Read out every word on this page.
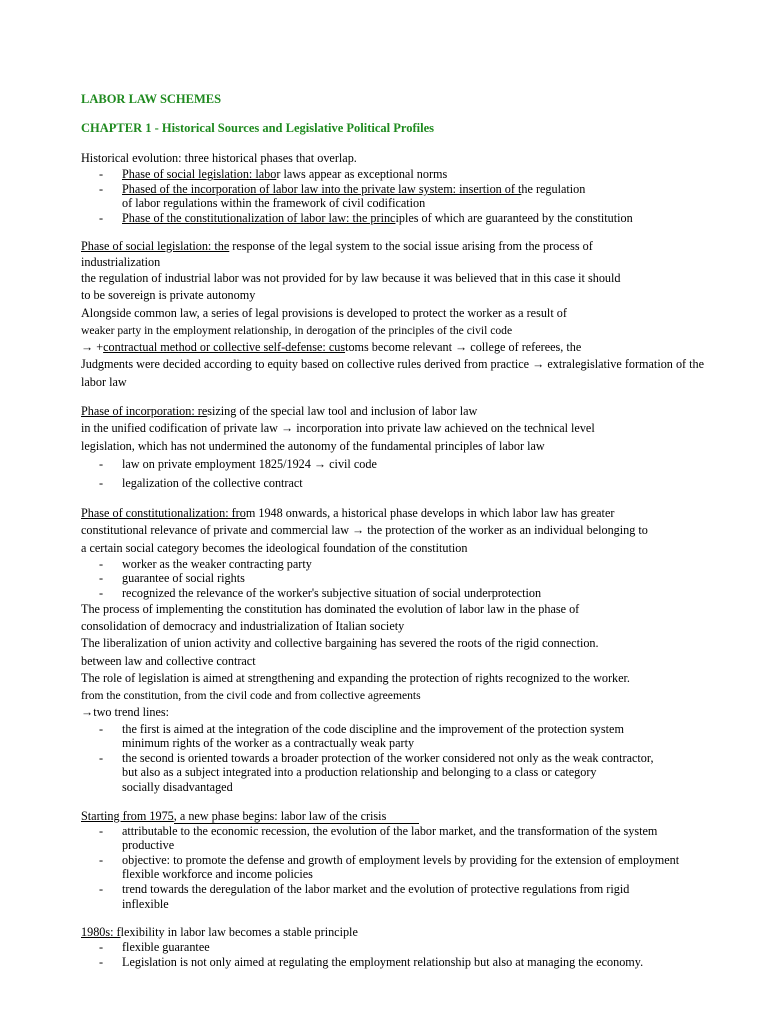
LABOR LAW SCHEMES
CHAPTER 1 - Historical Sources and Legislative Political Profiles
Historical evolution: three historical phases that overlap.
-	Phase of social legislation: labor laws appear as exceptional norms
-	Phased of the incorporation of labor law into the private law system: insertion of the regulation
of labor regulations within the framework of civil codification
-	Phase of the constitutionalization of labor law: the principles of which are guaranteed by the constitution
Phase of social legislation: the response of the legal system to the social issue arising from the process of
industrialization
the regulation of industrial labor was not provided for by law because it was believed that in this case it should
to be sovereign is private autonomy
Alongside common law, a series of legal provisions is developed to protect the worker as a result of
weaker party in the employment relationship, in derogation of the principles of the civil code
→ +contractual method or collective self-defense: customs become relevant → college of referees, the
Judgments were decided according to equity based on collective rules derived from practice → extralegislative formation of the
labor law
Phase of incorporation: resizing of the special law tool and inclusion of labor law
in the unified codification of private law → incorporation into private law achieved on the technical level
legislation, which has not undermined the autonomy of the fundamental principles of labor law
-	law on private employment 1825/1924 → civil code
-	legalization of the collective contract
Phase of constitutionalization: from 1948 onwards, a historical phase develops in which labor law has greater
constitutional relevance of private and commercial law → the protection of the worker as an individual belonging to
a certain social category becomes the ideological foundation of the constitution
-	worker as the weaker contracting party
-	guarantee of social rights
-	recognized the relevance of the worker's subjective situation of social underprotection
The process of implementing the constitution has dominated the evolution of labor law in the phase of
consolidation of democracy and industrialization of Italian society
The liberalization of union activity and collective bargaining has severed the roots of the rigid connection.
between law and collective contract
The role of legislation is aimed at strengthening and expanding the protection of rights recognized to the worker.
from the constitution, from the civil code and from collective agreements
→two trend lines:
-	the first is aimed at the integration of the code discipline and the improvement of the protection system
minimum rights of the worker as a contractually weak party
-	the second is oriented towards a broader protection of the worker considered not only as the weak contractor,
but also as a subject integrated into a production relationship and belonging to a class or category
socially disadvantaged
Starting from 1975, a new phase begins: labor law of the crisis
-	attributable to the economic recession, the evolution of the labor market, and the transformation of the system
productive
-	objective: to promote the defense and growth of employment levels by providing for the extension of employment
flexible workforce and income policies
-	trend towards the deregulation of the labor market and the evolution of protective regulations from rigid
inflexible
1980s: flexibility in labor law becomes a stable principle
-	flexible guarantee
-	Legislation is not only aimed at regulating the employment relationship but also at managing the economy.
